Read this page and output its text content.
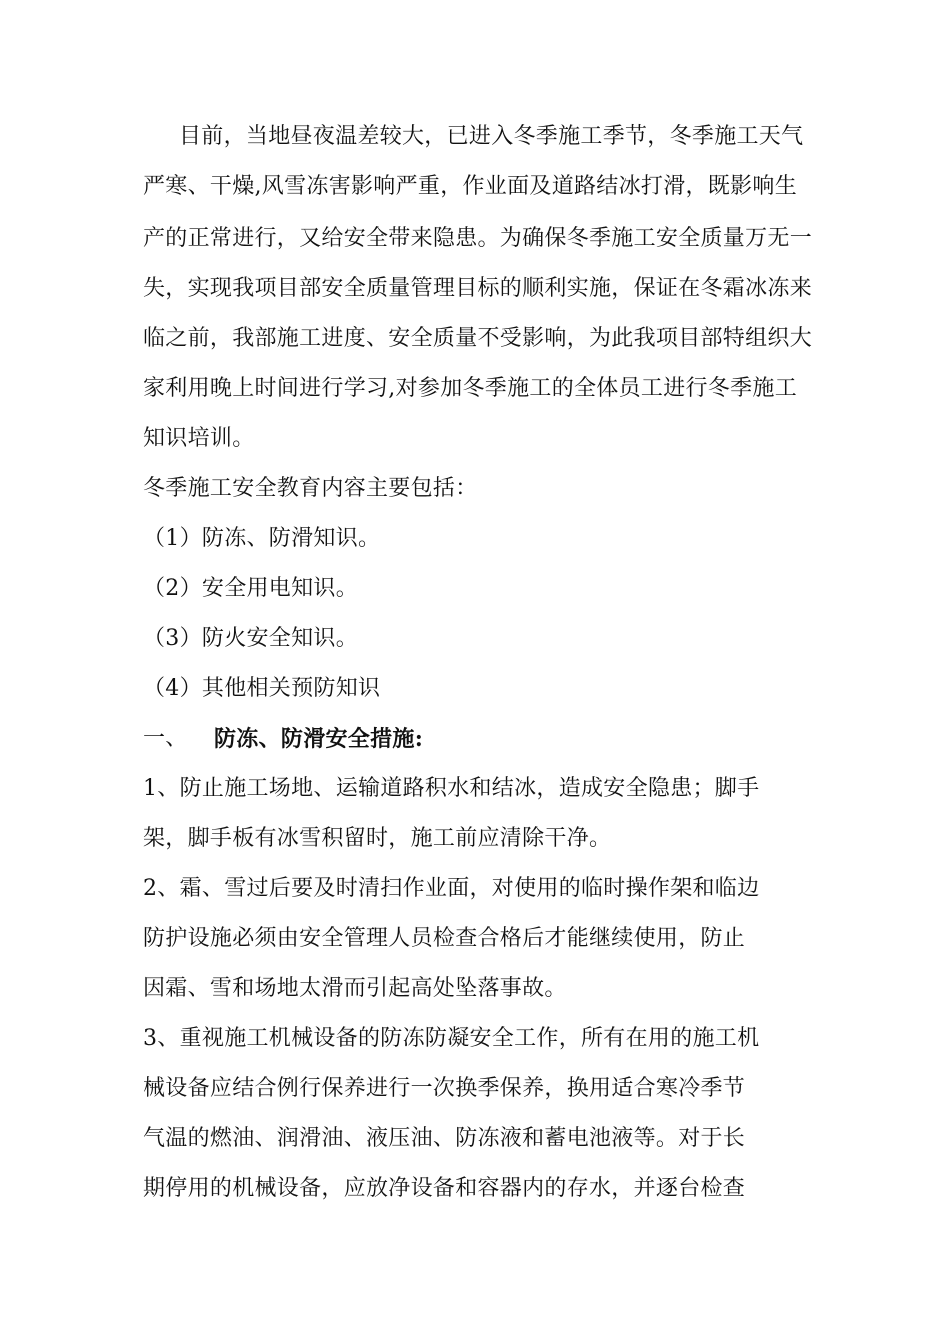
目前，当地昼夜温差较大，已进入冬季施工季节，冬季施工天气
严寒、干燥,风雪冻害影响严重，作业面及道路结冰打滑，既影响生
产的正常进行，又给安全带来隐患。为确保冬季施工安全质量万无一
失，实现我项目部安全质量管理目标的顺利实施，保证在冬霜冰冻来
临之前，我部施工进度、安全质量不受影响，为此我项目部特组织大
家利用晚上时间进行学习,对参加冬季施工的全体员工进行冬季施工
知识培训。
冬季施工安全教育内容主要包括：
（1）防冻、防滑知识。
（2）安全用电知识。
（3）防火安全知识。
（4）其他相关预防知识
一、 防冻、防滑安全措施:
1、防止施工场地、运输道路积水和结冰，造成安全隐患；脚手
架，脚手板有冰雪积留时，施工前应清除干净。
2、霜、雪过后要及时清扫作业面，对使用的临时操作架和临边
防护设施必须由安全管理人员检查合格后才能继续使用，防止
因霜、雪和场地太滑而引起高处坠落事故。
3、重视施工机械设备的防冻防凝安全工作，所有在用的施工机
械设备应结合例行保养进行一次换季保养，换用适合寒冷季节
气温的燃油、润滑油、液压油、防冻液和蓄电池液等。对于长
期停用的机械设备，应放净设备和容器内的存水，并逐台检查
